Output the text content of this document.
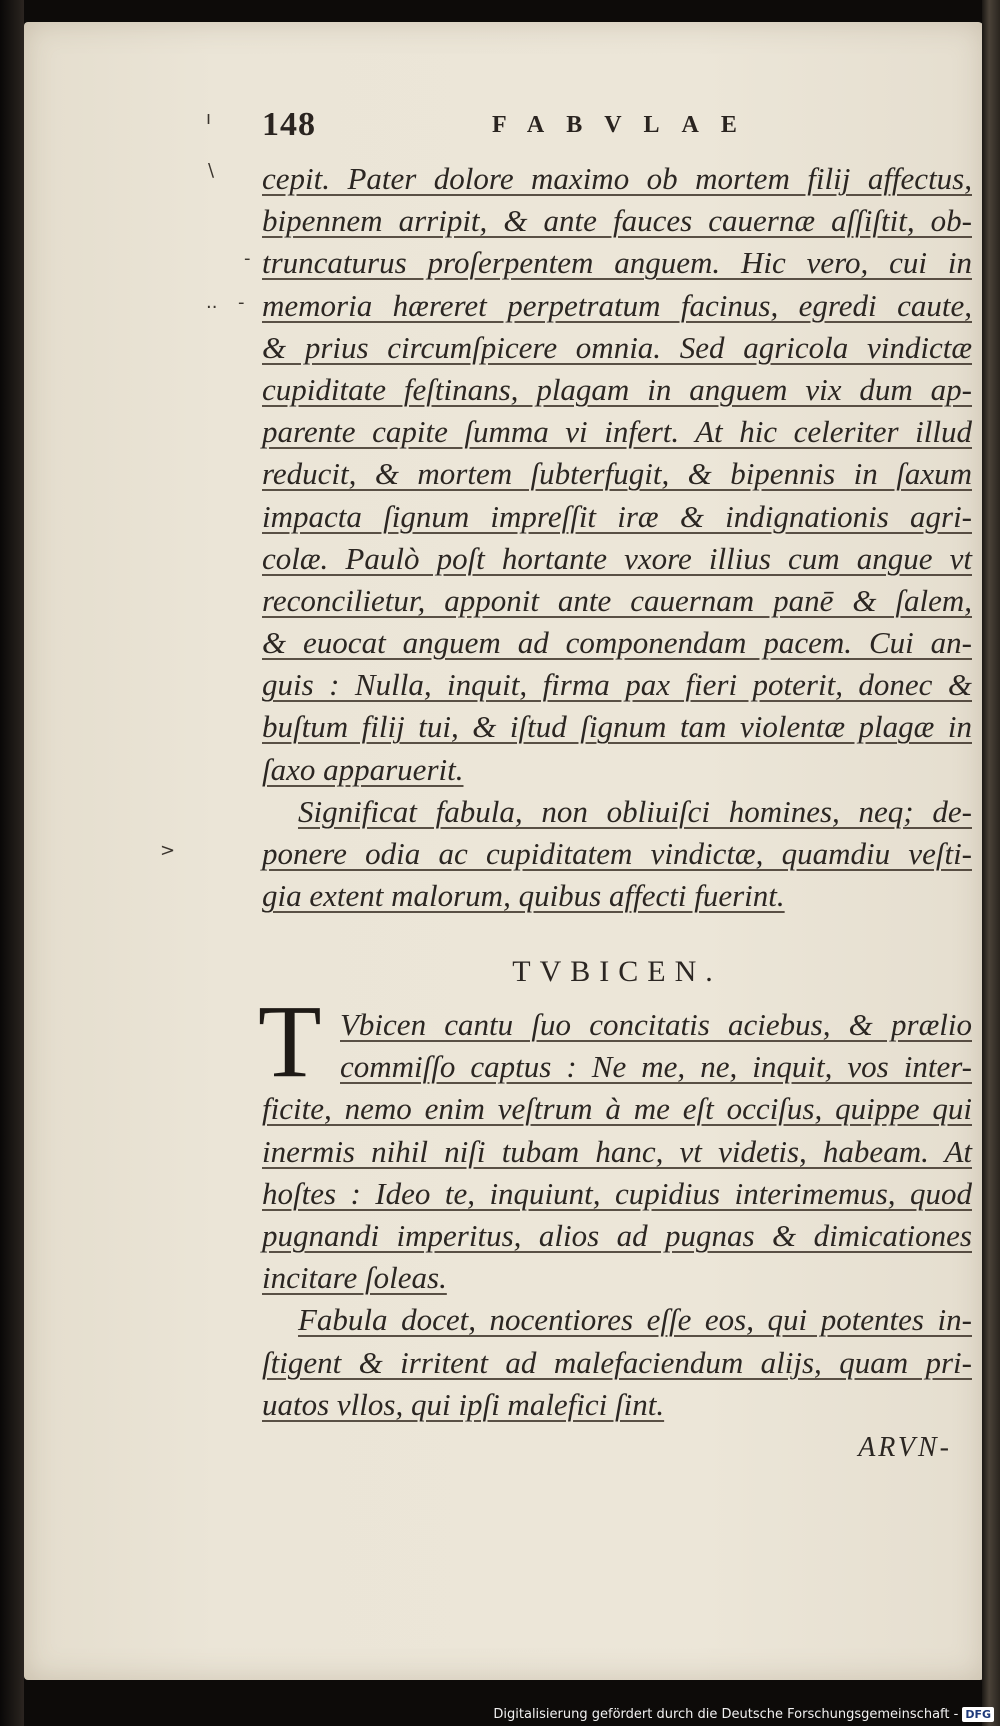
148	FABVLAE
ı
\
-
.. -
>
cepit. Pater dolore maximo ob mortem filij affectus,
bipennem arripit, & ante fauces cauernæ aſſiſtit, ob-
truncaturus proſerpentem anguem. Hic vero, cui in
memoria hæreret perpetratum facinus, egredi caute,
& prius circumſpicere omnia. Sed agricola vindictæ
cupiditate feſtinans, plagam in anguem vix dum ap-
parente capite ſumma vi infert. At hic celeriter illud
reducit, & mortem ſubterfugit, & bipennis in ſaxum
impacta ſignum impreſſit iræ & indignationis agri-
colæ. Paulò poſt hortante vxore illius cum angue vt
reconcilietur, apponit ante cauernam panē & ſalem,
& euocat anguem ad componendam pacem. Cui an-
guis : Nulla, inquit, firma pax fieri poterit, donec &
buſtum filij tui, & iſtud ſignum tam violentæ plagæ in
ſaxo apparuerit.
Significat fabula, non obliuiſci homines, neq; de-
ponere odia ac cupiditatem vindictæ, quamdiu veſti-
gia extent malorum, quibus affecti fuerint.
TVBICEN.
T Vbicen cantu ſuo concitatis aciebus, & prælio
commiſſo captus : Ne me, ne, inquit, vos inter-
ficite, nemo enim veſtrum à me eſt occiſus, quippe qui
inermis nihil niſi tubam hanc, vt videtis, habeam. At
hoſtes : Ideo te, inquiunt, cupidius interimemus, quod
pugnandi imperitus, alios ad pugnas & dimicationes
incitare ſoleas.
Fabula docet, nocentiores eſſe eos, qui potentes in-
ſtigent & irritent ad malefaciendum alijs, quam pri-
uatos vllos, qui ipſi malefici ſint.
ARVN-
Digitalisierung gefördert durch die Deutsche Forschungsgemeinschaft - DFG
